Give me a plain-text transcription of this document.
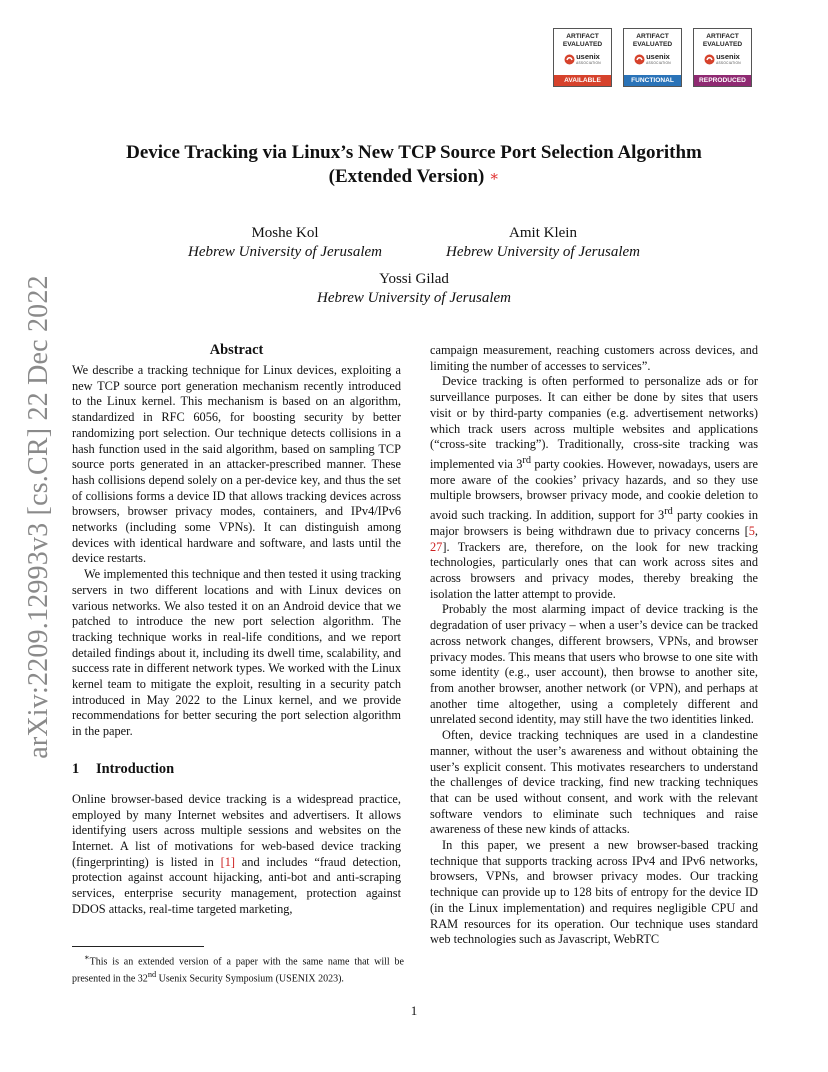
arXiv:2209.12993v3 [cs.CR] 22 Dec 2022
ARTIFACT
EVALUATED
usenix
ASSOCIATION
AVAILABLE
ARTIFACT
EVALUATED
usenix
ASSOCIATION
FUNCTIONAL
ARTIFACT
EVALUATED
usenix
ASSOCIATION
REPRODUCED
Device Tracking via Linux’s New TCP Source Port Selection Algorithm
(Extended Version) ∗
Moshe Kol
Hebrew University of Jerusalem
Amit Klein
Hebrew University of Jerusalem
Yossi Gilad
Hebrew University of Jerusalem
Abstract

We describe a tracking technique for Linux devices, exploiting a new TCP source port generation mechanism recently introduced to the Linux kernel. This mechanism is based on an algorithm, standardized in RFC 6056, for boosting security by better randomizing port selection. Our technique detects collisions in a hash function used in the said algorithm, based on sampling TCP source ports generated in an attacker-prescribed manner. These hash collisions depend solely on a per-device key, and thus the set of collisions forms a device ID that allows tracking devices across browsers, browser privacy modes, containers, and IPv4/IPv6 networks (including some VPNs). It can distinguish among devices with identical hardware and software, and lasts until the device restarts.

We implemented this technique and then tested it using tracking servers in two different locations and with Linux devices on various networks. We also tested it on an Android device that we patched to introduce the new port selection algorithm. The tracking technique works in real-life conditions, and we report detailed findings about it, including its dwell time, scalability, and success rate in different network types. We worked with the Linux kernel team to mitigate the exploit, resulting in a security patch introduced in May 2022 to the Linux kernel, and we provide recommendations for better securing the port selection algorithm in the paper.

1 Introduction

Online browser-based device tracking is a widespread practice, employed by many Internet websites and advertisers. It allows identifying users across multiple sessions and websites on the Internet. A list of motivations for web-based device tracking (fingerprinting) is listed in [1] and includes “fraud detection, protection against account hijacking, anti-bot and anti-scraping services, enterprise security management, protection against DDOS attacks, real-time targeted marketing,

campaign measurement, reaching customers across devices, and limiting the number of accesses to services”.

Device tracking is often performed to personalize ads or for surveillance purposes. It can either be done by sites that users visit or by third-party companies (e.g. advertisement networks) which track users across multiple websites and applications (“cross-site tracking”). Traditionally, cross-site tracking was implemented via 3rd party cookies. However, nowadays, users are more aware of the cookies’ privacy hazards, and so they use multiple browsers, browser privacy mode, and cookie deletion to avoid such tracking. In addition, support for 3rd party cookies in major browsers is being withdrawn due to privacy concerns [5, 27]. Trackers are, therefore, on the look for new tracking technologies, particularly ones that can work across sites and across browsers and privacy modes, thereby breaking the isolation the latter attempt to provide.

Probably the most alarming impact of device tracking is the degradation of user privacy – when a user’s device can be tracked across network changes, different browsers, VPNs, and browser privacy modes. This means that users who browse to one site with some identity (e.g., user account), then browse to another site, from another browser, another network (or VPN), and perhaps at another time altogether, using a completely different and unrelated second identity, may still have the two identities linked.

Often, device tracking techniques are used in a clandestine manner, without the user’s awareness and without obtaining the user’s explicit consent. This motivates researchers to understand the challenges of device tracking, find new tracking techniques that can be used without consent, and work with the relevant software vendors to eliminate such techniques and raise awareness of these new kinds of attacks.

In this paper, we present a new browser-based tracking technique that supports tracking across IPv4 and IPv6 networks, browsers, VPNs, and browser privacy modes. Our tracking technique can provide up to 128 bits of entropy for the device ID (in the Linux implementation) and requires negligible CPU and RAM resources for its operation. Our technique uses standard web technologies such as Javascript, WebRTC

∗This is an extended version of a paper with the same name that will be presented in the 32nd Usenix Security Symposium (USENIX 2023).
1
